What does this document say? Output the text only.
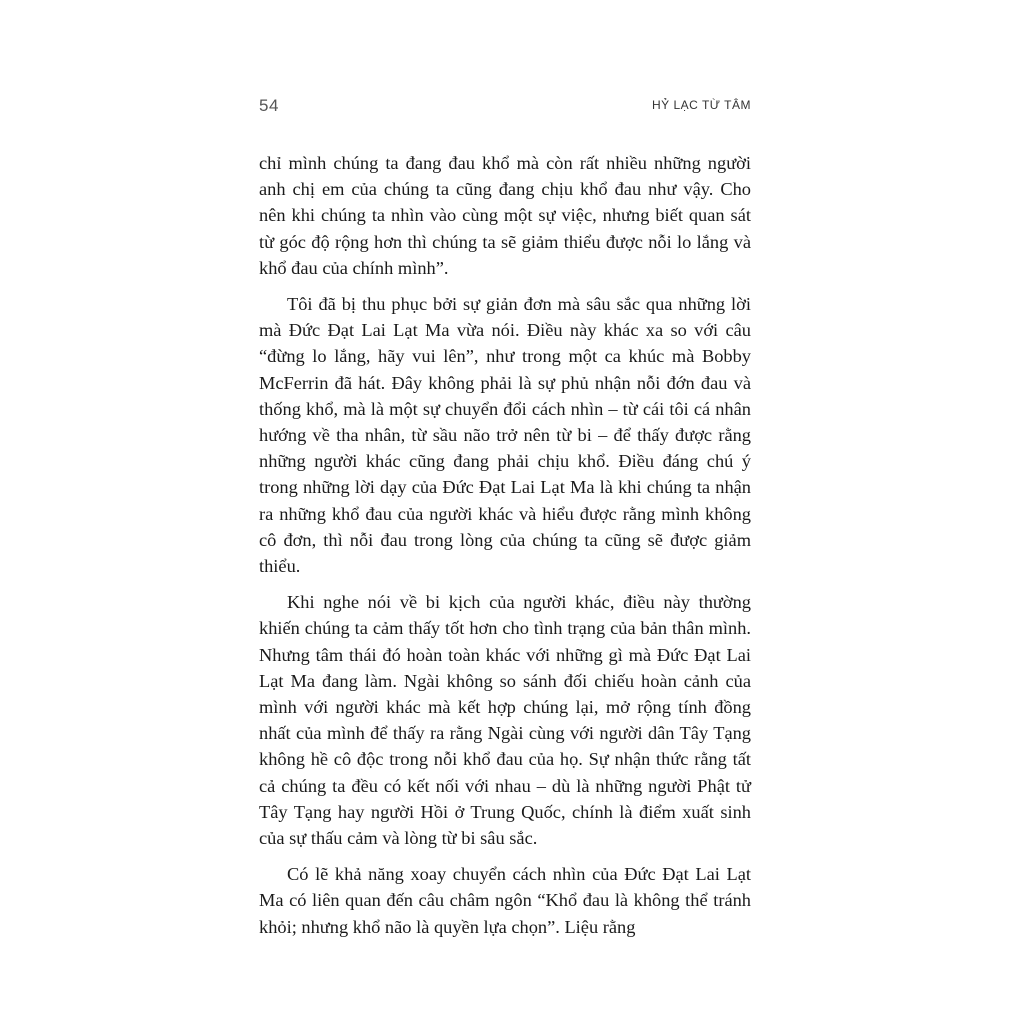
54	HỶ LẠC TỪ TÂM

chỉ mình chúng ta đang đau khổ mà còn rất nhiều những người anh chị em của chúng ta cũng đang chịu khổ đau như vậy. Cho nên khi chúng ta nhìn vào cùng một sự việc, nhưng biết quan sát từ góc độ rộng hơn thì chúng ta sẽ giảm thiểu được nỗi lo lắng và khổ đau của chính mình”.

Tôi đã bị thu phục bởi sự giản đơn mà sâu sắc qua những lời mà Đức Đạt Lai Lạt Ma vừa nói. Điều này khác xa so với câu “đừng lo lắng, hãy vui lên”, như trong một ca khúc mà Bobby McFerrin đã hát. Đây không phải là sự phủ nhận nỗi đớn đau và thống khổ, mà là một sự chuyển đổi cách nhìn – từ cái tôi cá nhân hướng về tha nhân, từ sầu não trở nên từ bi – để thấy được rằng những người khác cũng đang phải chịu khổ. Điều đáng chú ý trong những lời dạy của Đức Đạt Lai Lạt Ma là khi chúng ta nhận ra những khổ đau của người khác và hiểu được rằng mình không cô đơn, thì nỗi đau trong lòng của chúng ta cũng sẽ được giảm thiểu.

Khi nghe nói về bi kịch của người khác, điều này thường khiến chúng ta cảm thấy tốt hơn cho tình trạng của bản thân mình. Nhưng tâm thái đó hoàn toàn khác với những gì mà Đức Đạt Lai Lạt Ma đang làm. Ngài không so sánh đối chiếu hoàn cảnh của mình với người khác mà kết hợp chúng lại, mở rộng tính đồng nhất của mình để thấy ra rằng Ngài cùng với người dân Tây Tạng không hề cô độc trong nỗi khổ đau của họ. Sự nhận thức rằng tất cả chúng ta đều có kết nối với nhau – dù là những người Phật tử Tây Tạng hay người Hồi ở Trung Quốc, chính là điểm xuất sinh của sự thấu cảm và lòng từ bi sâu sắc.

Có lẽ khả năng xoay chuyển cách nhìn của Đức Đạt Lai Lạt Ma có liên quan đến câu châm ngôn “Khổ đau là không thể tránh khỏi; nhưng khổ não là quyền lựa chọn”. Liệu rằng
